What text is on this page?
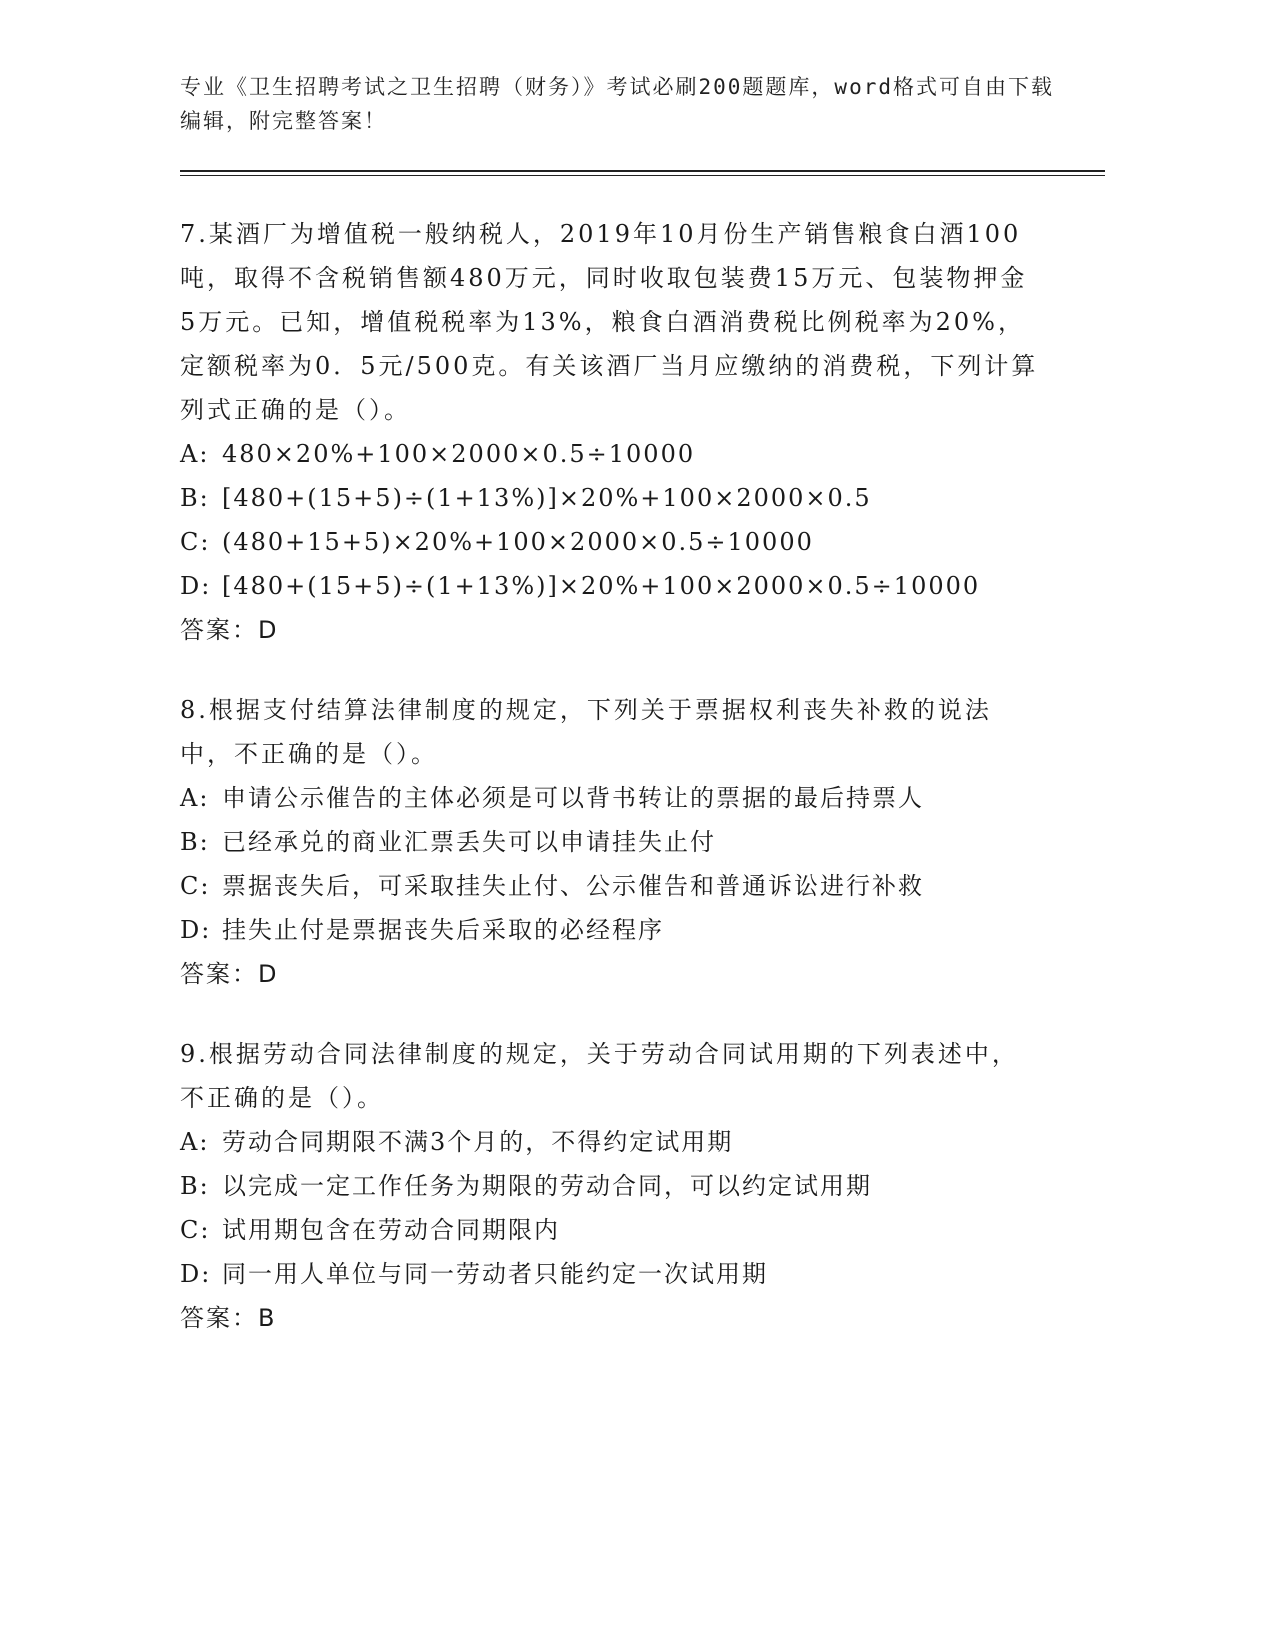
专业《卫生招聘考试之卫生招聘（财务）》考试必刷200题题库，word格式可自由下载编辑，附完整答案！
7.某酒厂为增值税一般纳税人，2019年10月份生产销售粮食白酒100吨，取得不含税销售额480万元，同时收取包装费15万元、包装物押金5万元。已知，增值税税率为13%，粮食白酒消费税比例税率为20%，定额税率为0．5元/500克。有关该酒厂当月应缴纳的消费税，下列计算列式正确的是（）。
A: 480×20%+100×2000×0.5÷10000
B: [480+(15+5)÷(1+13%)]×20%+100×2000×0.5
C: (480+15+5)×20%+100×2000×0.5÷10000
D: [480+(15+5)÷(1+13%)]×20%+100×2000×0.5÷10000
答案：D
8.根据支付结算法律制度的规定，下列关于票据权利丧失补救的说法中，不正确的是（）。
A: 申请公示催告的主体必须是可以背书转让的票据的最后持票人
B: 已经承兑的商业汇票丢失可以申请挂失止付
C: 票据丧失后，可采取挂失止付、公示催告和普通诉讼进行补救
D: 挂失止付是票据丧失后采取的必经程序
答案：D
9.根据劳动合同法律制度的规定，关于劳动合同试用期的下列表述中，不正确的是（）。
A: 劳动合同期限不满3个月的，不得约定试用期
B: 以完成一定工作任务为期限的劳动合同，可以约定试用期
C: 试用期包含在劳动合同期限内
D: 同一用人单位与同一劳动者只能约定一次试用期
答案：B
